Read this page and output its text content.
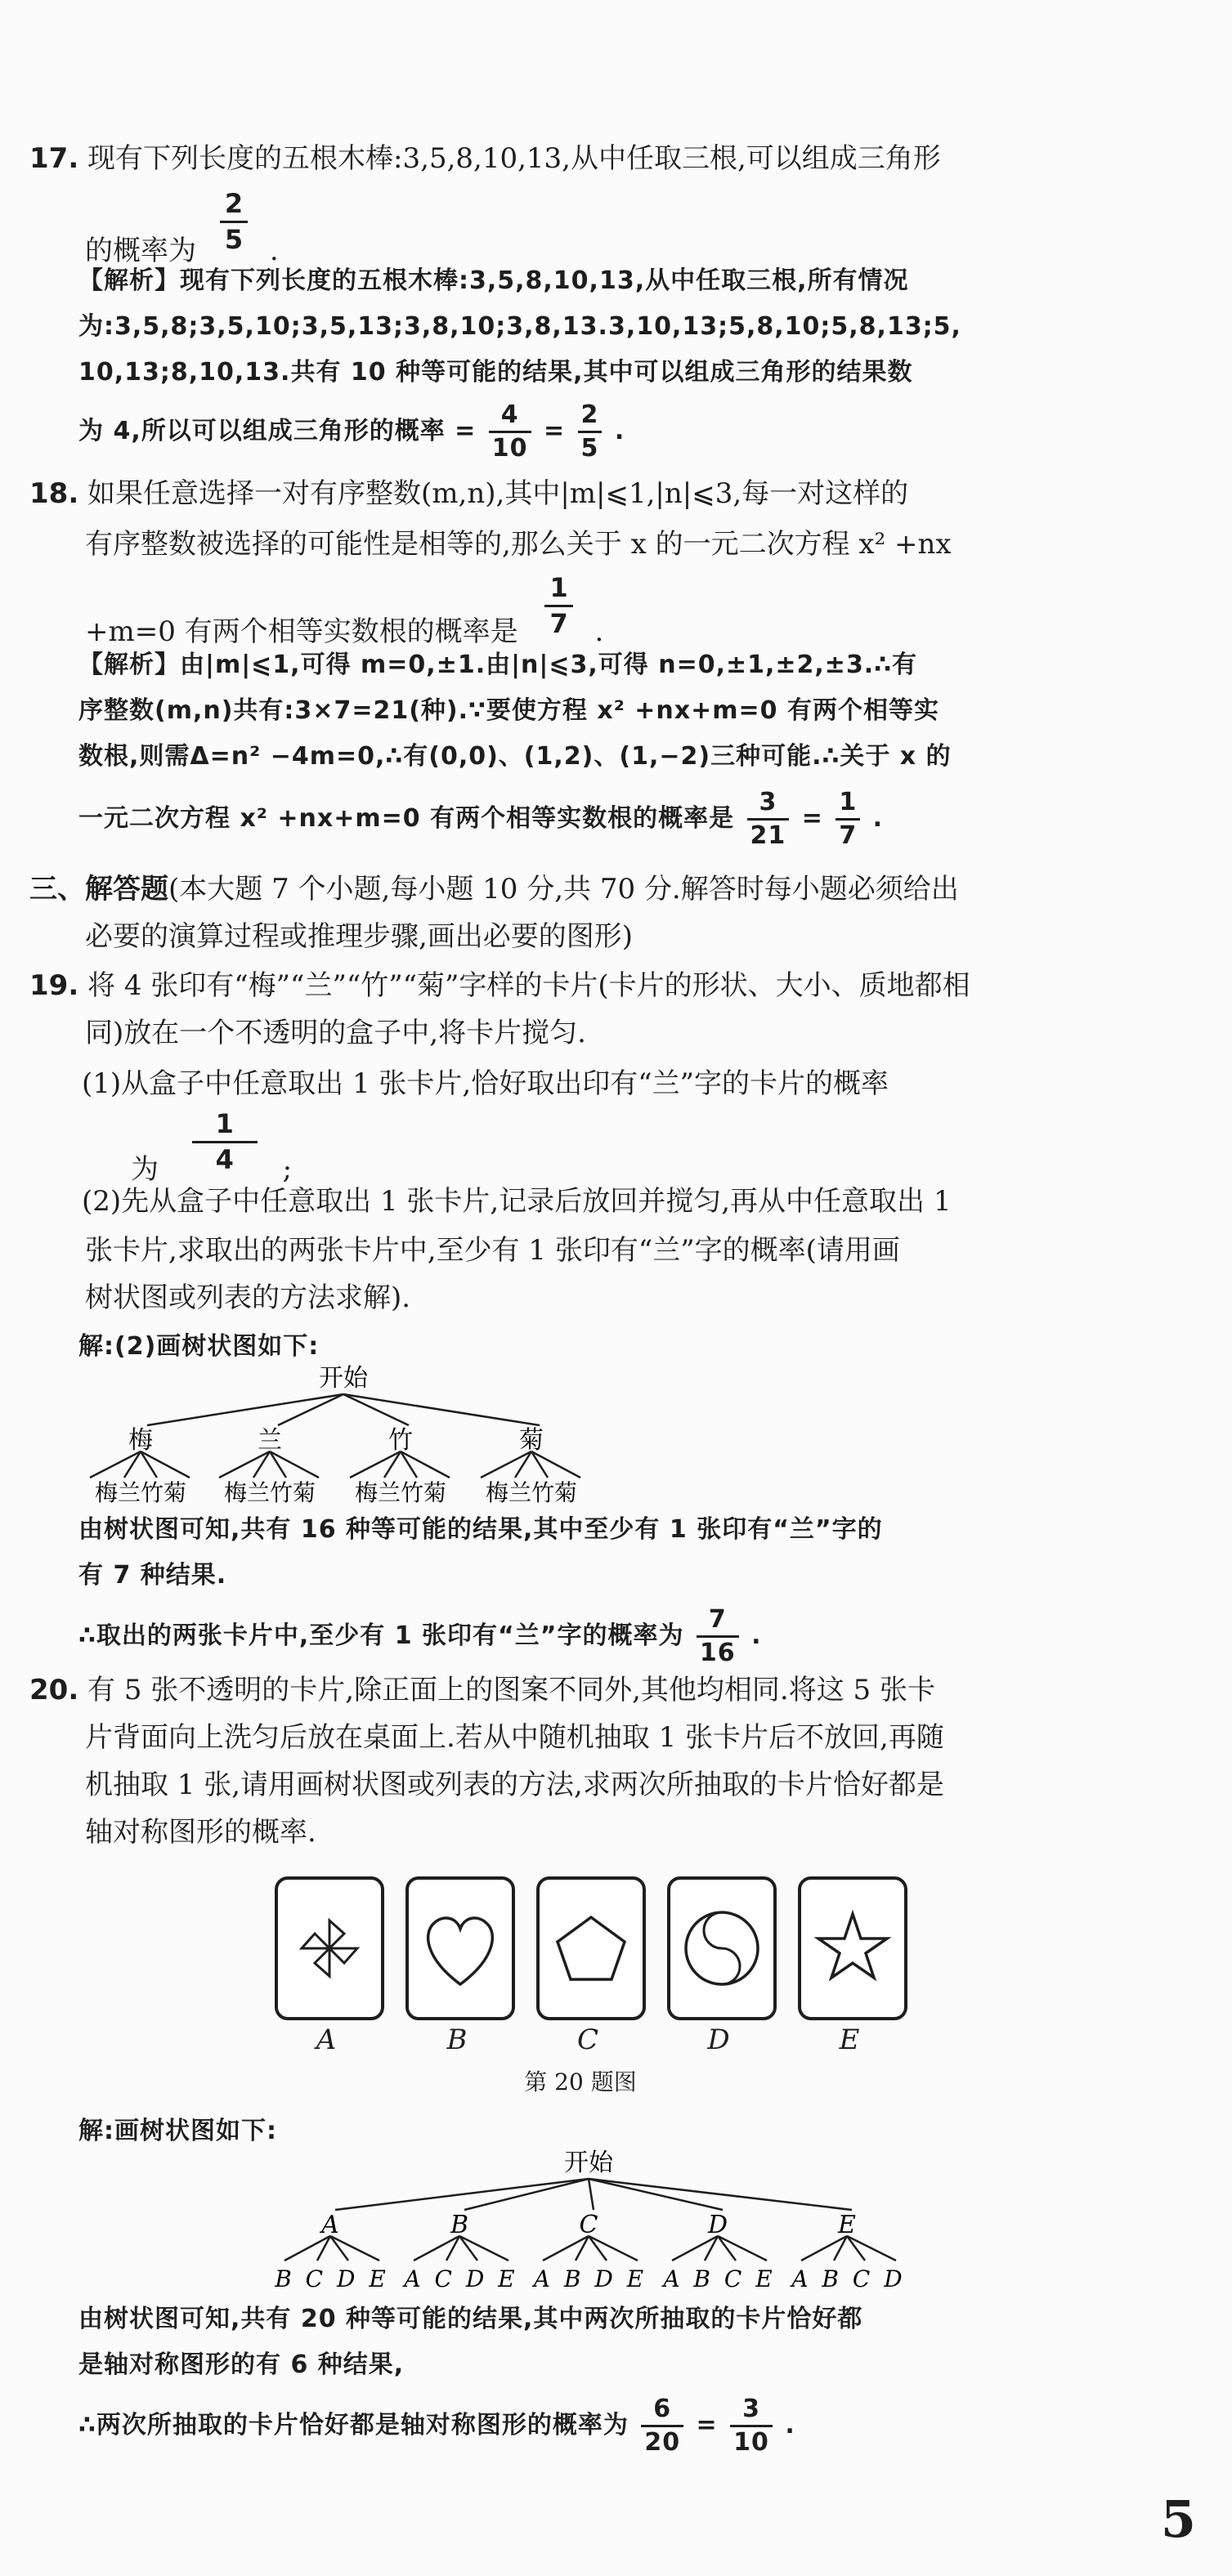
17. 现有下列长度的五根木棒:3,5,8,10,13,从中任取三根,可以组成三角形
的概率为 $\frac{2}{5}$ .
【解析】现有下列长度的五根木棒:3,5,8,10,13,从中任取三根,所有情况
为:3,5,8;3,5,10;3,5,13;3,8,10;3,8,13.3,10,13;5,8,10;5,8,13;5,
10,13;8,10,13.共有 10 种等可能的结果,其中可以组成三角形的结果数
为 4,所以可以组成三角形的概率 = $\frac{4}{10} = \frac{2}{5}$ .
18. 如果任意选择一对有序整数(m,n),其中|m|⩽1,|n|⩽3,每一对这样的
有序整数被选择的可能性是相等的,那么关于 x 的一元二次方程 x² +nx
+m=0 有两个相等实数根的概率是 $\frac{1}{7}$ .
【解析】由|m|⩽1,可得 m=0,±1.由|n|⩽3,可得 n=0,±1,±2,±3.∴有
序整数(m,n)共有:3×7=21(种).∵要使方程 x² +nx+m=0 有两个相等实
数根,则需Δ=n² −4m=0,∴有(0,0)、(1,2)、(1,−2)三种可能.∴关于 x 的
一元二次方程 x² +nx+m=0 有两个相等实数根的概率是 $\frac{3}{21} = \frac{1}{7}$ .
三、解答题(本大题 7 个小题,每小题 10 分,共 70 分.解答时每小题必须给出
必要的演算过程或推理步骤,画出必要的图形)
19. 将 4 张印有“梅”“兰”“竹”“菊”字样的卡片(卡片的形状、大小、质地都相
同)放在一个不透明的盒子中,将卡片搅匀.
(1)从盒子中任意取出 1 张卡片,恰好取出印有“兰”字的卡片的概率
为 $\frac{1}{4}$ ;
(2)先从盒子中任意取出 1 张卡片,记录后放回并搅匀,再从中任意取出 1
张卡片,求取出的两张卡片中,至少有 1 张印有“兰”字的概率(请用画
树状图或列表的方法求解).
解:(2)画树状图如下:
开始
梅	兰	竹	菊
梅兰竹菊 梅兰竹菊 梅兰竹菊 梅兰竹菊
由树状图可知,共有 16 种等可能的结果,其中至少有 1 张印有“兰”字的
有 7 种结果.
∴取出的两张卡片中,至少有 1 张印有“兰”字的概率为 $\frac{7}{16}$ .
20. 有 5 张不透明的卡片,除正面上的图案不同外,其他均相同.将这 5 张卡
片背面向上洗匀后放在桌面上.若从中随机抽取 1 张卡片后不放回,再随
机抽取 1 张,请用画树状图或列表的方法,求两次所抽取的卡片恰好都是
轴对称图形的概率.
A	B	C	D	E
第 20 题图
解:画树状图如下:
开始
A	B	C	D	E
B C D E A C D E A B D E A B C E A B C D
由树状图可知,共有 20 种等可能的结果,其中两次所抽取的卡片恰好都
是轴对称图形的有 6 种结果,
∴两次所抽取的卡片恰好都是轴对称图形的概率为 $\frac{6}{20} = \frac{3}{10}$ .
5
